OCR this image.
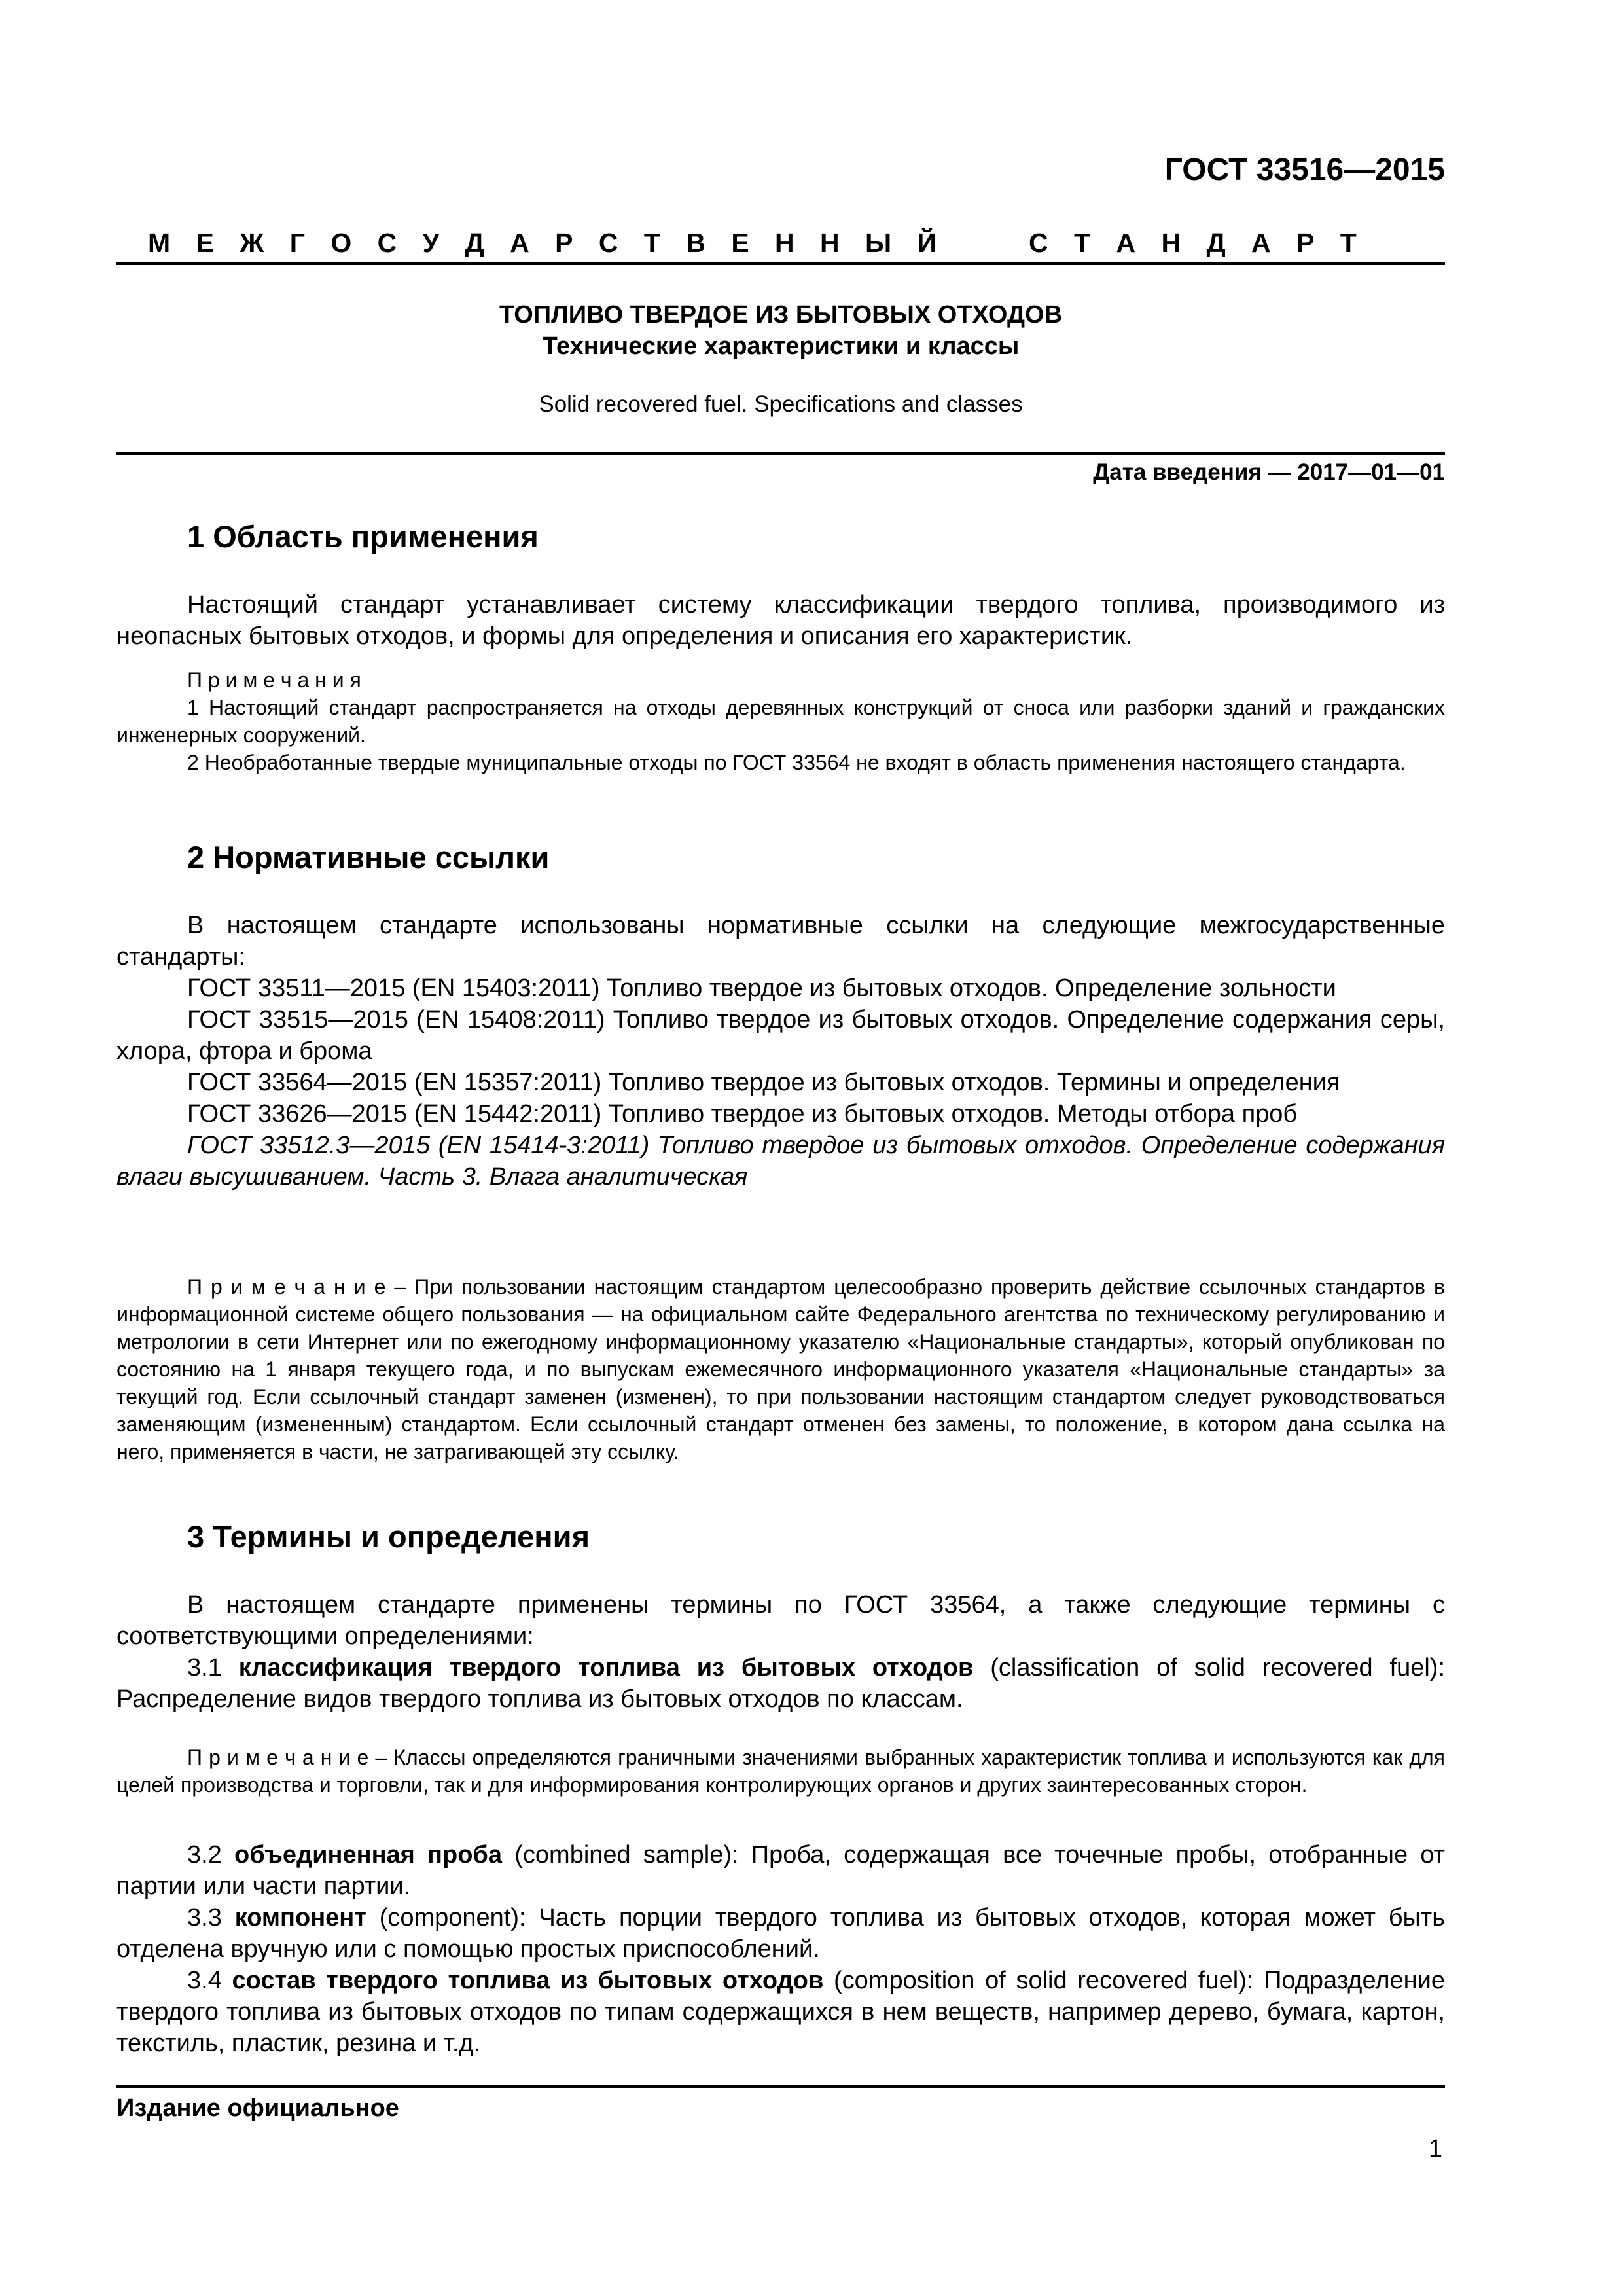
ГОСТ 33516—2015
М Е Ж Г О С У Д А Р С Т В Е Н Н Ы Й     С Т А Н Д А Р Т
ТОПЛИВО ТВЕРДОЕ ИЗ БЫТОВЫХ ОТХОДОВ
Технические характеристики и классы
Solid recovered fuel. Specifications and classes
Дата введения — 2017—01—01
1 Область применения
Настоящий стандарт устанавливает систему классификации твердого топлива, производимого из неопасных бытовых отходов, и формы для определения и описания его характеристик.

П р и м е ч а н и я

1 Настоящий стандарт распространяется на отходы деревянных конструкций от сноса или разборки зданий и гражданских инженерных сооружений.

2 Необработанные твердые муниципальные отходы по ГОСТ 33564 не входят в область применения настоящего стандарта.

2 Нормативные ссылки

В настоящем стандарте использованы нормативные ссылки на следующие межгосударственные стандарты:

ГОСТ 33511—2015 (EN 15403:2011) Топливо твердое из бытовых отходов. Определение зольности

ГОСТ 33515—2015 (EN 15408:2011) Топливо твердое из бытовых отходов. Определение содержания серы, хлора, фтора и брома

ГОСТ 33564—2015 (EN 15357:2011) Топливо твердое из бытовых отходов. Термины и определения

ГОСТ 33626—2015 (EN 15442:2011) Топливо твердое из бытовых отходов. Методы отбора проб

ГОСТ 33512.3—2015 (EN 15414-3:2011) Топливо твердое из бытовых отходов. Определение содержания влаги высушиванием. Часть 3. Влага аналитическая

П р и м е ч а н и е – При пользовании настоящим стандартом целесообразно проверить действие ссылочных стандартов в информационной системе общего пользования — на официальном сайте Федерального агентства по техническому регулированию и метрологии в сети Интернет или по ежегодному информационному указателю «Национальные стандарты», который опубликован по состоянию на 1 января текущего года, и по выпускам ежемесячного информационного указателя «Национальные стандарты» за текущий год. Если ссылочный стандарт заменен (изменен), то при пользовании настоящим стандартом следует руководствоваться заменяющим (измененным) стандартом. Если ссылочный стандарт отменен без замены, то положение, в котором дана ссылка на него, применяется в части, не затрагивающей эту ссылку.
3 Термины и определения

В настоящем стандарте применены термины по ГОСТ 33564, а также следующие термины с соответствующими определениями:

3.1 классификация твердого топлива из бытовых отходов (classification of solid recovered fuel): Распределение видов твердого топлива из бытовых отходов по классам.

П р и м е ч а н и е – Классы определяются граничными значениями выбранных характеристик топлива и используются как для целей производства и торговли, так и для информирования контролирующих органов и других заинтересованных сторон.

3.2 объединенная проба (combined sample): Проба, содержащая все точечные пробы, отобранные от партии или части партии.

3.3 компонент (component): Часть порции твердого топлива из бытовых отходов, которая может быть отделена вручную или с помощью простых приспособлений.

3.4 состав твердого топлива из бытовых отходов (composition of solid recovered fuel): Подразделение твердого топлива из бытовых отходов по типам содержащихся в нем веществ, например дерево, бумага, картон, текстиль, пластик, резина и т.д.

Издание официальное
1
